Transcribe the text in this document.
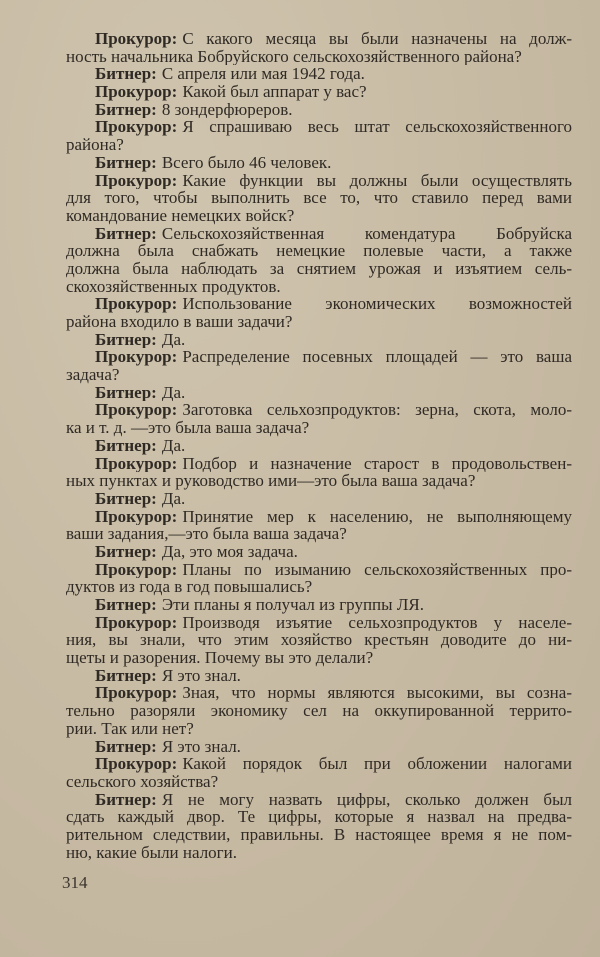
Прокурор: С какого месяца вы были назначены на долж-
ность начальника Бобруйского сельскохозяйственного района?
Битнер: С апреля или мая 1942 года.
Прокурор: Какой был аппарат у вас?
Битнер: 8 зондерфюреров.
Прокурор: Я спрашиваю весь штат сельскохозяйственного
района?
Битнер: Всего было 46 человек.
Прокурор: Какие функции вы должны были осуществлять
для того, чтобы выполнить все то, что ставило перед вами
командование немецких войск?
Битнер: Сельскохозяйственная комендатура Бобруйска
должна была снабжать немецкие полевые части, а также
должна была наблюдать за снятием урожая и изъятием сель-
скохозяйственных продуктов.
Прокурор: Использование экономических возможностей
района входило в ваши задачи?
Битнер: Да.
Прокурор: Распределение посевных площадей — это ваша
задача?
Битнер: Да.
Прокурор: Заготовка сельхозпродуктов: зерна, скота, моло-
ка и т. д. —это была ваша задача?
Битнер: Да.
Прокурор: Подбор и назначение старост в продовольствен-
ных пунктах и руководство ими—это была ваша задача?
Битнер: Да.
Прокурор: Принятие мер к населению, не выполняющему
ваши задания,—это была ваша задача?
Битнер: Да, это моя задача.
Прокурор: Планы по изыманию сельскохозяйственных про-
дуктов из года в год повышались?
Битнер: Эти планы я получал из группы ЛЯ.
Прокурор: Производя изъятие сельхозпродуктов у населе-
ния, вы знали, что этим хозяйство крестьян доводите до ни-
щеты и разорения. Почему вы это делали?
Битнер: Я это знал.
Прокурор: Зная, что нормы являются высокими, вы созна-
тельно разоряли экономику сел на оккупированной террито-
рии. Так или нет?
Битнер: Я это знал.
Прокурор: Какой порядок был при обложении налогами
сельского хозяйства?
Битнер: Я не могу назвать цифры, сколько должен был
сдать каждый двор. Те цифры, которые я назвал на предва-
рительном следствии, правильны. В настоящее время я не пом-
ню, какие были налоги.
314
